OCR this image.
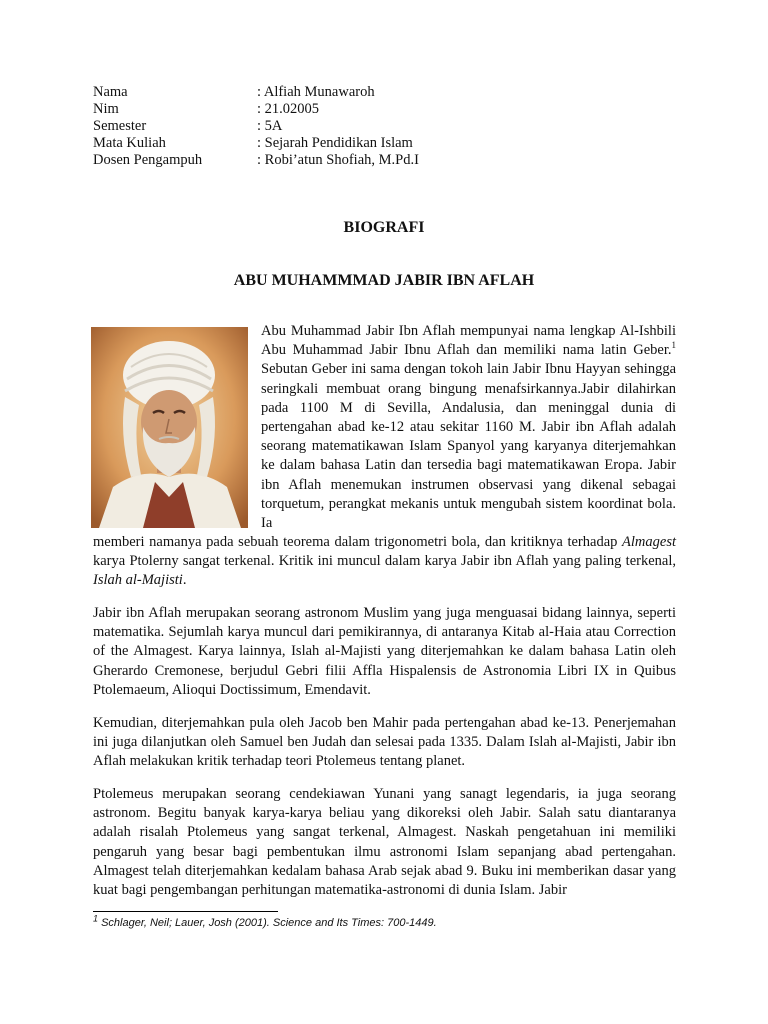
Nama	: Alfiah Munawaroh
Nim	: 21.02005
Semester	: 5A
Mata Kuliah	: Sejarah Pendidikan Islam
Dosen Pengampuh	: Robi’atun Shofiah, M.Pd.I
BIOGRAFI
ABU MUHAMMMAD JABIR IBN AFLAH
Abu Muhammad Jabir Ibn Aflah mempunyai nama lengkap Al-Ishbili Abu Muhammad Jabir Ibnu Aflah dan memiliki nama latin Geber.$^1$ Sebutan Geber ini sama dengan tokoh lain Jabir Ibnu Hayyan sehingga seringkali membuat orang bingung menafsirkannya.Jabir dilahirkan pada 1100 M di Sevilla, Andalusia, dan meninggal dunia di pertengahan abad ke-12 atau sekitar 1160 M. Jabir ibn Aflah adalah seorang matematikawan Islam Spanyol yang karyanya diterjemahkan ke dalam bahasa Latin dan tersedia bagi matematikawan Eropa. Jabir ibn Aflah menemukan instrumen observasi yang dikenal sebagai torquetum, perangkat mekanis untuk mengubah sistem koordinat bola. Ia
memberi namanya pada sebuah teorema dalam trigonometri bola, dan kritiknya terhadap Almagest karya Ptolerny sangat terkenal. Kritik ini muncul dalam karya Jabir ibn Aflah yang paling terkenal, Islah al-Majisti.
Jabir ibn Aflah merupakan seorang astronom Muslim yang juga menguasai bidang lainnya, seperti matematika. Sejumlah karya muncul dari pemikirannya, di antaranya Kitab al-Haia atau Correction of the Almagest. Karya lainnya, Islah al-Majisti yang diterjemahkan ke dalam bahasa Latin oleh Gherardo Cremonese, berjudul Gebri filii Affla Hispalensis de Astronomia Libri IX in Quibus Ptolemaeum, Alioqui Doctissimum, Emendavit.
Kemudian, diterjemahkan pula oleh Jacob ben Mahir pada pertengahan abad ke-13. Penerjemahan ini juga dilanjutkan oleh Samuel ben Judah dan selesai pada 1335. Dalam Islah al-Majisti, Jabir ibn Aflah melakukan kritik terhadap teori Ptolemeus tentang planet.
Ptolemeus merupakan seorang cendekiawan Yunani yang sanagt legendaris, ia juga seorang astronom. Begitu banyak karya-karya beliau yang dikoreksi oleh Jabir. Salah satu diantaranya adalah risalah Ptolemeus yang sangat terkenal, Almagest. Naskah pengetahuan ini memiliki pengaruh yang besar bagi pembentukan ilmu astronomi Islam sepanjang abad pertengahan. Almagest telah diterjemahkan kedalam bahasa Arab sejak abad 9. Buku ini memberikan dasar yang kuat bagi pengembangan perhitungan matematika-astronomi di dunia Islam. Jabir
$^1$ Schlager, Neil; Lauer, Josh (2001). Science and Its Times: 700-1449.
